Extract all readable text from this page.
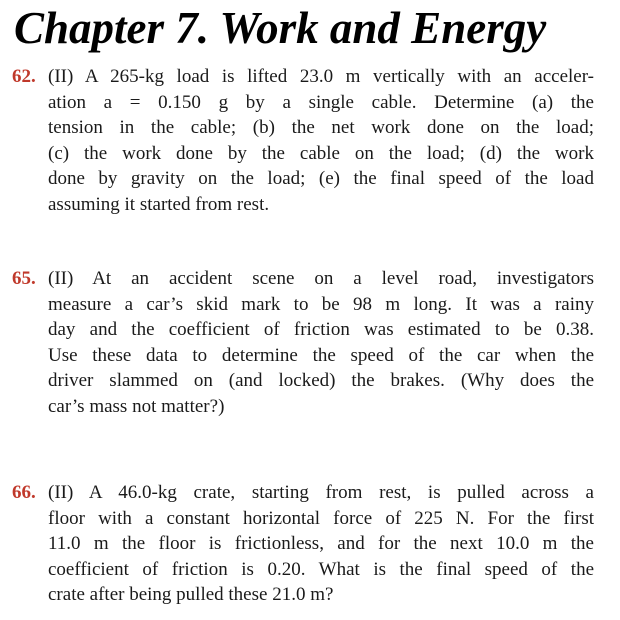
Chapter 7. Work and Energy
62. (II) A 265-kg load is lifted 23.0 m vertically with an acceler-
ation a = 0.150 g by a single cable. Determine (a) the
tension in the cable; (b) the net work done on the load;
(c) the work done by the cable on the load; (d) the work
done by gravity on the load; (e) the final speed of the load
assuming it started from rest.
65. (II) At an accident scene on a level road, investigators
measure a car’s skid mark to be 98 m long. It was a rainy
day and the coefficient of friction was estimated to be 0.38.
Use these data to determine the speed of the car when the
driver slammed on (and locked) the brakes. (Why does the
car’s mass not matter?)
66. (II) A 46.0-kg crate, starting from rest, is pulled across a
floor with a constant horizontal force of 225 N. For the first
11.0 m the floor is frictionless, and for the next 10.0 m the
coefficient of friction is 0.20. What is the final speed of the
crate after being pulled these 21.0 m?
